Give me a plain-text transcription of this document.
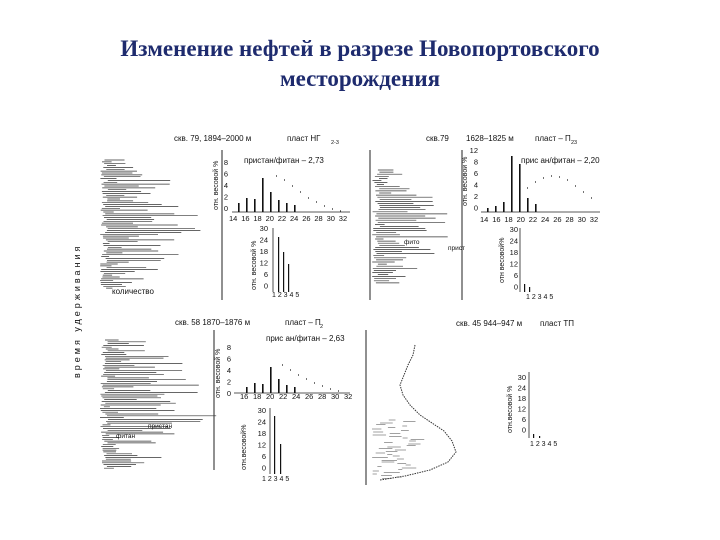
Изменение нефтей в разрезе Новопортовского
месторождения
время удерживания	количество
скв. 79, 1894–2000 м	пласт НГ 2-3
отн. весовой %
пристан/фитан – 2,73
8
6
4
2
0
14 16 18 20 22 24 26 28 30 32
отн. весовой %
30
24
18
12
6
0
1 2 3 4 5
скв.79 1628–1825 м	пласт – П 23
фито
прист
отн. весовой %	прис ан/фитан – 2,20
12
8
6
4
2
0
14 16 18 20 22 24 26 28 30 32
отн весовой%
30
24
18
12
6
0
1 2 3 4 5
скв. 58 1870–1876 м	пласт – П 2
пристан
фитан
отн. весовой %
прис ан/фитан – 2,63
8
6
4
2
0 16 18 20 22 24 26 28 30 32
отн.весовой%
30
24
18
12
6
0
1 2 3 4 5
скв. 45 944–947 м пласт ТП
отн.весовой %
30
24
18
12
6
0
1 2 3 4 5
